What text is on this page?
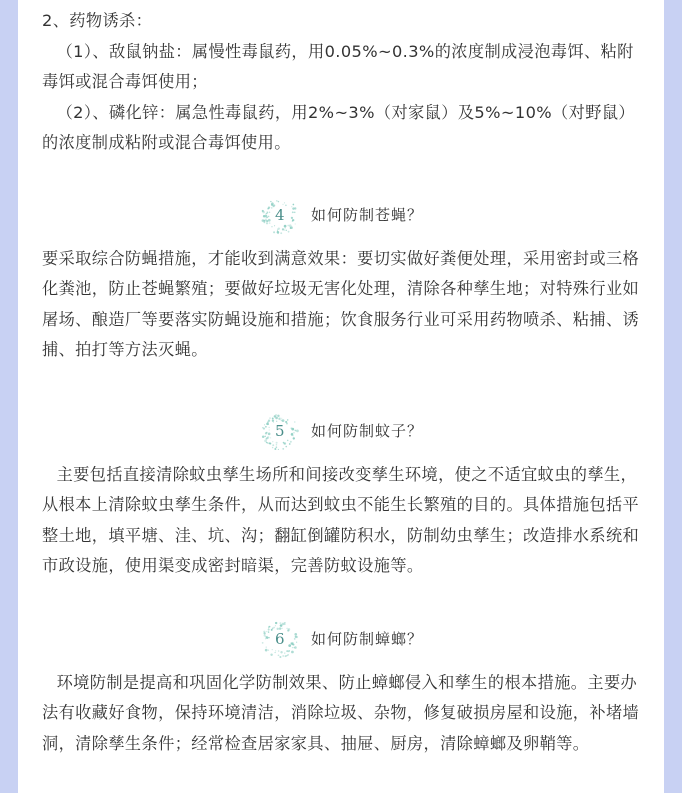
2、药物诱杀：

（1）、敌鼠钠盐：属慢性毒鼠药，用0.05%~0.3%的浓度制成浸泡毒饵、粘附毒饵或混合毒饵使用；

（2）、磷化锌：属急性毒鼠药，用2%~3%（对家鼠）及5%~10%（对野鼠）的浓度制成粘附或混合毒饵使用。

4 如何防制苍蝇？

要采取综合防蝇措施，才能收到满意效果：要切实做好粪便处理，采用密封或三格化粪池，防止苍蝇繁殖；要做好垃圾无害化处理，清除各种孳生地；对特殊行业如屠场、酿造厂等要落实防蝇设施和措施；饮食服务行业可采用药物喷杀、粘捕、诱捕、拍打等方法灭蝇。

5 如何防制蚊子？

主要包括直接清除蚊虫孳生场所和间接改变孳生环境，使之不适宜蚊虫的孳生，从根本上清除蚊虫孳生条件，从而达到蚊虫不能生长繁殖的目的。具体措施包括平整土地，填平塘、洼、坑、沟；翻缸倒罐防积水，防制幼虫孳生；改造排水系统和市政设施，使用渠变成密封暗渠，完善防蚊设施等。

6 如何防制蟑螂？

环境防制是提高和巩固化学防制效果、防止蟑螂侵入和孳生的根本措施。主要办法有收藏好食物，保持环境清洁，消除垃圾、杂物，修复破损房屋和设施，补堵墙洞，清除孳生条件；经常检查居家家具、抽屉、厨房，清除蟑螂及卵鞘等。
